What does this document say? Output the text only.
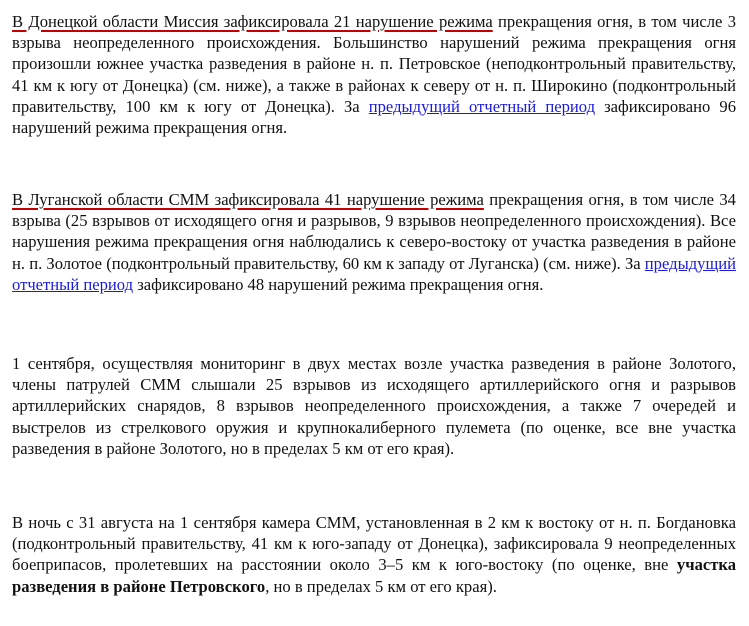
В Донецкой области Миссия зафиксировала 21 нарушение режима прекращения огня, в том числе 3 взрыва неопределенного происхождения. Большинство нарушений режима прекращения огня произошли южнее участка разведения в районе н. п. Петровское (неподконтрольный правительству, 41 км к югу от Донецка) (см. ниже), а также в районах к северу от н. п. Широкино (подконтрольный правительству, 100 км к югу от Донецка). За предыдущий отчетный период зафиксировано 96 нарушений режима прекращения огня.

В Луганской области СММ зафиксировала 41 нарушение режима прекращения огня, в том числе 34 взрыва (25 взрывов от исходящего огня и разрывов, 9 взрывов неопределенного происхождения). Все нарушения режима прекращения огня наблюдались к северо-востоку от участка разведения в районе н. п. Золотое (подконтрольный правительству, 60 км к западу от Луганска) (см. ниже). За предыдущий отчетный период зафиксировано 48 нарушений режима прекращения огня.

1 сентября, осуществляя мониторинг в двух местах возле участка разведения в районе Золотого, члены патрулей СММ слышали 25 взрывов из исходящего артиллерийского огня и разрывов артиллерийских снарядов, 8 взрывов неопределенного происхождения, а также 7 очередей и выстрелов из стрелкового оружия и крупнокалиберного пулемета (по оценке, все вне участка разведения в районе Золотого, но в пределах 5 км от его края).

В ночь с 31 августа на 1 сентября камера СММ, установленная в 2 км к востоку от н. п. Богдановка (подконтрольный правительству, 41 км к юго-западу от Донецка), зафиксировала 9 неопределенных боеприпасов, пролетевших на расстоянии около 3–5 км к юго-востоку (по оценке, вне участка разведения в районе Петровского, но в пределах 5 км от его края).
